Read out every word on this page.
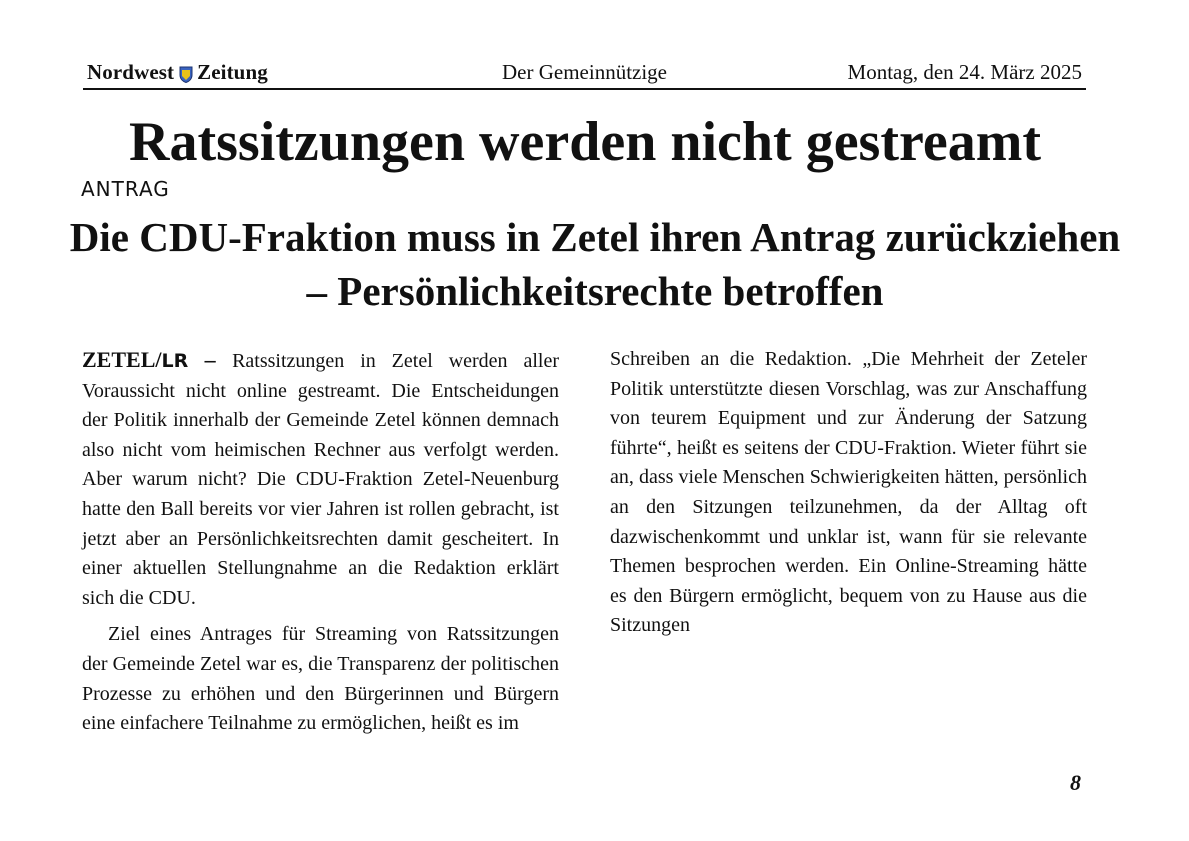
Nordwest Zeitung	Der Gemeinnützige	Montag, den 24. März 2025
Ratssitzungen werden nicht gestreamt
ANTRAG
Die CDU-Fraktion muss in Zetel ihren Antrag zurückziehen – Persönlichkeitsrechte betroffen

ZETEL/LR – Ratssitzungen in Zetel werden aller Voraussicht nicht online gestreamt. Die Entscheidungen der Politik innerhalb der Gemeinde Zetel können demnach also nicht vom heimischen Rechner aus verfolgt werden. Aber warum nicht? Die CDU-Fraktion Zetel-Neuenburg hatte den Ball bereits vor vier Jahren ist rollen gebracht, ist jetzt aber an Persönlichkeitsrechten damit gescheitert. In einer aktuellen Stellungnahme an die Redaktion erklärt sich die CDU.

Ziel eines Antrages für Streaming von Ratssitzungen der Gemeinde Zetel war es, die Transparenz der politischen Prozesse zu erhöhen und den Bürgerinnen und Bürgern eine einfachere Teilnahme zu ermöglichen, heißt es im

Schreiben an die Redaktion. „Die Mehrheit der Zeteler Politik unterstützte diesen Vorschlag, was zur Anschaffung von teurem Equipment und zur Änderung der Satzung führte“, heißt es seitens der CDU-Fraktion. Wieter führt sie an, dass viele Menschen Schwierigkeiten hätten, persönlich an den Sitzungen teilzunehmen, da der Alltag oft dazwischenkommt und unklar ist, wann für sie relevante Themen besprochen werden. Ein Online-Streaming hätte es den Bürgern ermöglicht, bequem von zu Hause aus die Sitzungen

8
